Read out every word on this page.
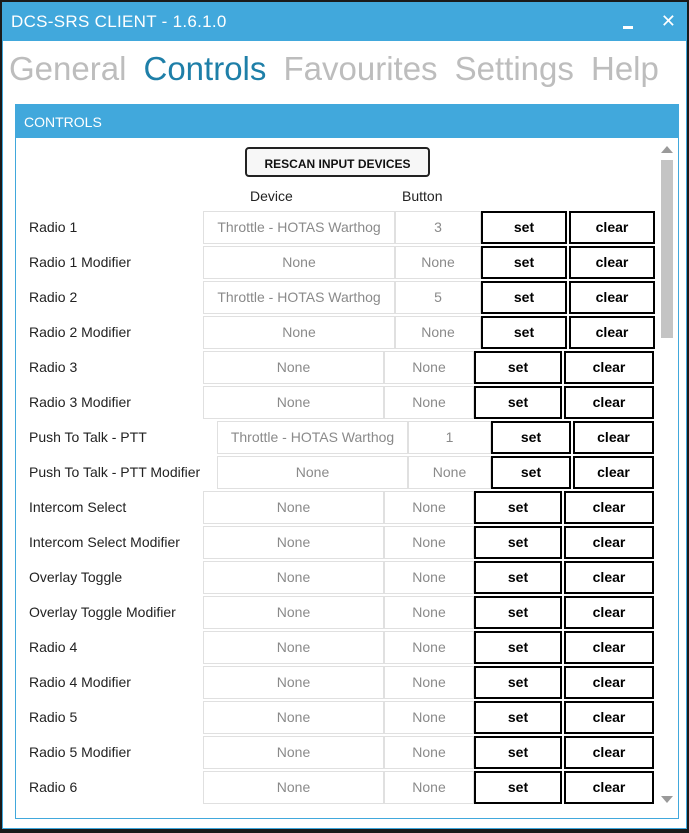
DCS-SRS CLIENT - 1.6.1.0	✕
General Controls Favourites Settings Help
CONTROLS
RESCAN INPUT DEVICES
Device	Button
Radio 1	Throttle - HOTAS Warthog	3	set	clear
Radio 1 Modifier	None	None	set	clear
Radio 2	Throttle - HOTAS Warthog	5	set	clear
Radio 2 Modifier	None	None	set	clear
Radio 3	None	None	set	clear
Radio 3 Modifier	None	None	set	clear
Push To Talk - PTT	Throttle - HOTAS Warthog	1	set	clear
Push To Talk - PTT Modifier	None	None	set	clear
Intercom Select	None	None	set	clear
Intercom Select Modifier	None	None	set	clear
Overlay Toggle	None	None	set	clear
Overlay Toggle Modifier	None	None	set	clear
Radio 4	None	None	set	clear
Radio 4 Modifier	None	None	set	clear
Radio 5	None	None	set	clear
Radio 5 Modifier	None	None	set	clear
Radio 6	None	None	set	clear
